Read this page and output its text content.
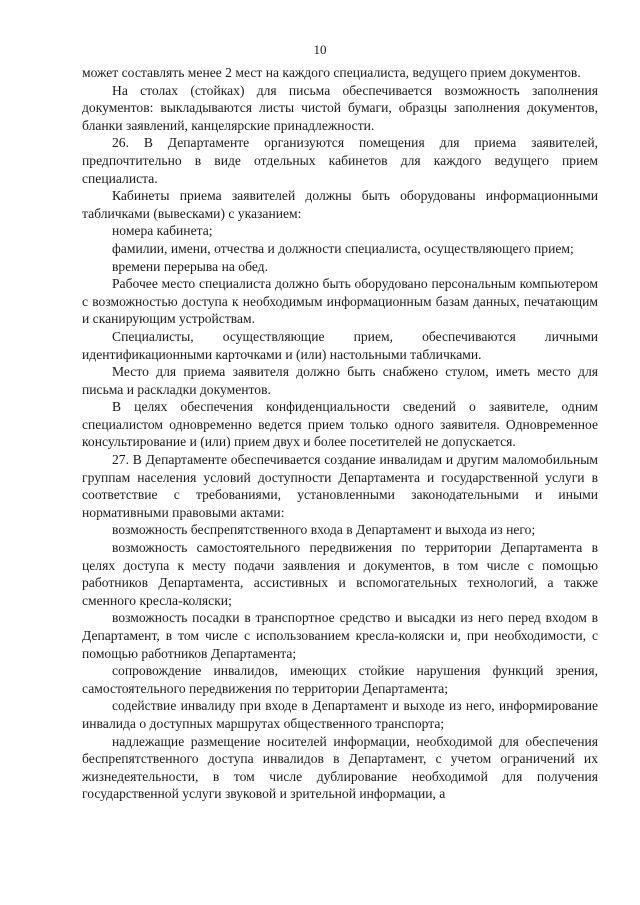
10

может составлять менее 2 мест на каждого специалиста, ведущего прием документов.

На столах (стойках) для письма обеспечивается возможность заполнения документов: выкладываются листы чистой бумаги, образцы заполнения документов, бланки заявлений, канцелярские принадлежности.

26. В Департаменте организуются помещения для приема заявителей, предпочтительно в виде отдельных кабинетов для каждого ведущего прием специалиста.

Кабинеты приема заявителей должны быть оборудованы информационными табличками (вывесками) с указанием:

номера кабинета;

фамилии, имени, отчества и должности специалиста, осуществляющего прием;

времени перерыва на обед.

Рабочее место специалиста должно быть оборудовано персональным компьютером с возможностью доступа к необходимым информационным базам данных, печатающим и сканирующим устройствам.

Специалисты, осуществляющие прием, обеспечиваются личными идентификационными карточками и (или) настольными табличками.

Место для приема заявителя должно быть снабжено стулом, иметь место для письма и раскладки документов.

В целях обеспечения конфиденциальности сведений о заявителе, одним специалистом одновременно ведется прием только одного заявителя. Одновременное консультирование и (или) прием двух и более посетителей не допускается.

27. В Департаменте обеспечивается создание инвалидам и другим маломобильным группам населения условий доступности Департамента и государственной услуги в соответствие с требованиями, установленными законодательными и иными нормативными правовыми актами:

возможность беспрепятственного входа в Департамент и выхода из него;

возможность самостоятельного передвижения по территории Департамента в целях доступа к месту подачи заявления и документов, в том числе с помощью работников Департамента, ассистивных и вспомогательных технологий, а также сменного кресла-коляски;

возможность посадки в транспортное средство и высадки из него перед входом в Департамент, в том числе с использованием кресла-коляски и, при необходимости, с помощью работников Департамента;

сопровождение инвалидов, имеющих стойкие нарушения функций зрения, самостоятельного передвижения по территории Департамента;

содействие инвалиду при входе в Департамент и выходе из него, информирование инвалида о доступных маршрутах общественного транспорта;

надлежащие размещение носителей информации, необходимой для обеспечения беспрепятственного доступа инвалидов в Департамент, с учетом ограничений их жизнедеятельности, в том числе дублирование необходимой для получения государственной услуги звуковой и зрительной информации, а
